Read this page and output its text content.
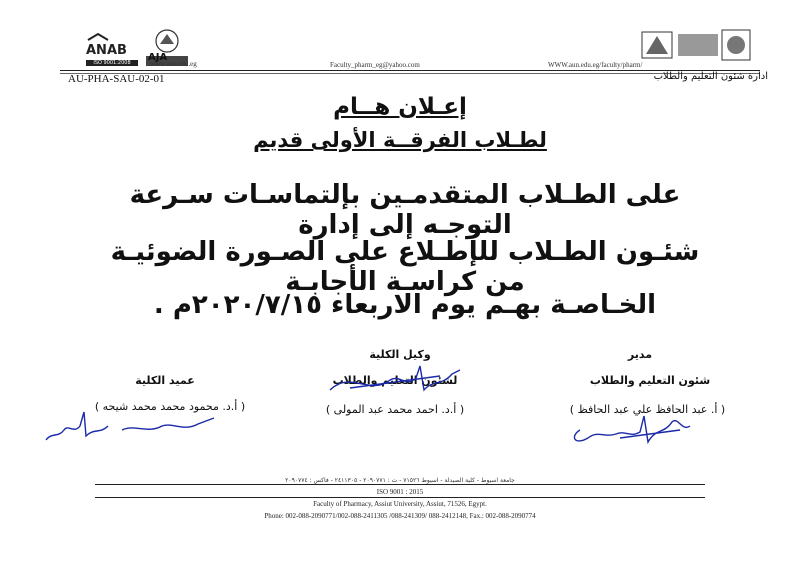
ANAB
ISO 9001:2008	AJA
www.aun.edu.eg	Faculty_pharm_eg@yahoo.com	WWW.aun.edu.eg/faculty/pharm/
AU-PHA-SAU-02-01	ادارة شئون التعليم والطلاب
إعـلان هــام
لطـلاب الفرقــة الأولى قديم
على الطـلاب المتقدمـين بإلتماسـات سـرعة التوجـه إلى إدارة
شئـون الطـلاب للإطـلاع على الصـورة الضوئيـة من كراسـة الأجابـة
الخـاصـة بهـم يوم الاربعاء ٢٠٢٠/٧/١٥م .
مدير
شئون التعليم والطلاب
( أ. عبد الحافظ علي عبد الحافظ )
وكيل الكلية
لشئون التعليم والطلاب
( أ.د. احمد محمد عبد المولى )
عميد الكلية
( أ.د. محمود محمد محمد شيحه )
جامعة اسيوط - كلية الصيدلة - اسيوط ٧١٥٢٦ - ت : ٢٠٩٠٧٧١ - ٢٤١١٣٠٥ - فاكس : ٢٠٩٠٧٧٤
ISO 9001 : 2015
Faculty of Pharmacy, Assiut University, Assiut, 71526, Egypt.
Phone: 002-088-2090771/002-088-2411305 /088-241309/ 088-2412148, Fax.: 002-088-2090774
